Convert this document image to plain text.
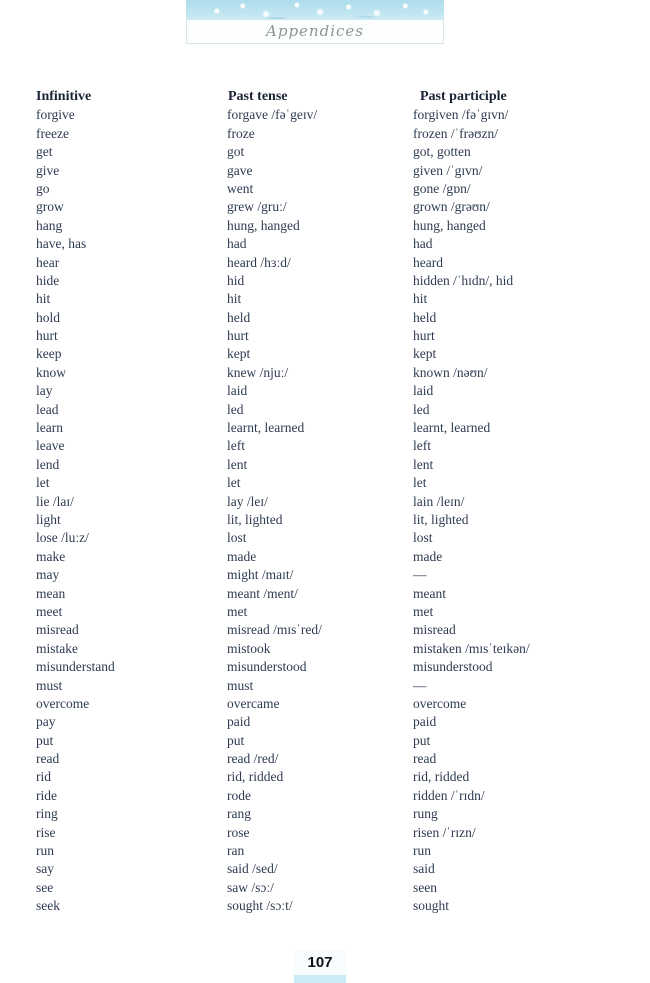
Appendices
Infinitive
forgive
freeze
get
give
go
grow
hang
have, has
hear
hide
hit
hold
hurt
keep
know
lay
lead
learn
leave
lend
let
lie /laɪ/
light
lose /luːz/
make
may
mean
meet
misread
mistake
misunderstand
must
overcome
pay
put
read
rid
ride
ring
rise
run
say
see
seek
Past tense
forgave /fəˈgeɪv/
froze
got
gave
went
grew /gruː/
hung, hanged
had
heard /hɜːd/
hid
hit
held
hurt
kept
knew /njuː/
laid
led
learnt, learned
left
lent
let
lay /leɪ/
lit, lighted
lost
made
might /maɪt/
meant /ment/
met
misread /mɪsˈred/
mistook
misunderstood
must
overcame
paid
put
read /red/
rid, ridded
rode
rang
rose
ran
said /sed/
saw /sɔː/
sought /sɔːt/
Past participle
forgiven /fəˈgɪvn/
frozen /ˈfrəʊzn/
got, gotten
given /ˈgɪvn/
gone /gɒn/
grown /grəʊn/
hung, hanged
had
heard
hidden /ˈhɪdn/, hid
hit
held
hurt
kept
known /nəʊn/
laid
led
learnt, learned
left
lent
let
lain /leɪn/
lit, lighted
lost
made
—
meant
met
misread
mistaken /mɪsˈteɪkən/
misunderstood
—
overcome
paid
put
read
rid, ridded
ridden /ˈrɪdn/
rung
risen /ˈrɪzn/
run
said
seen
sought
107
